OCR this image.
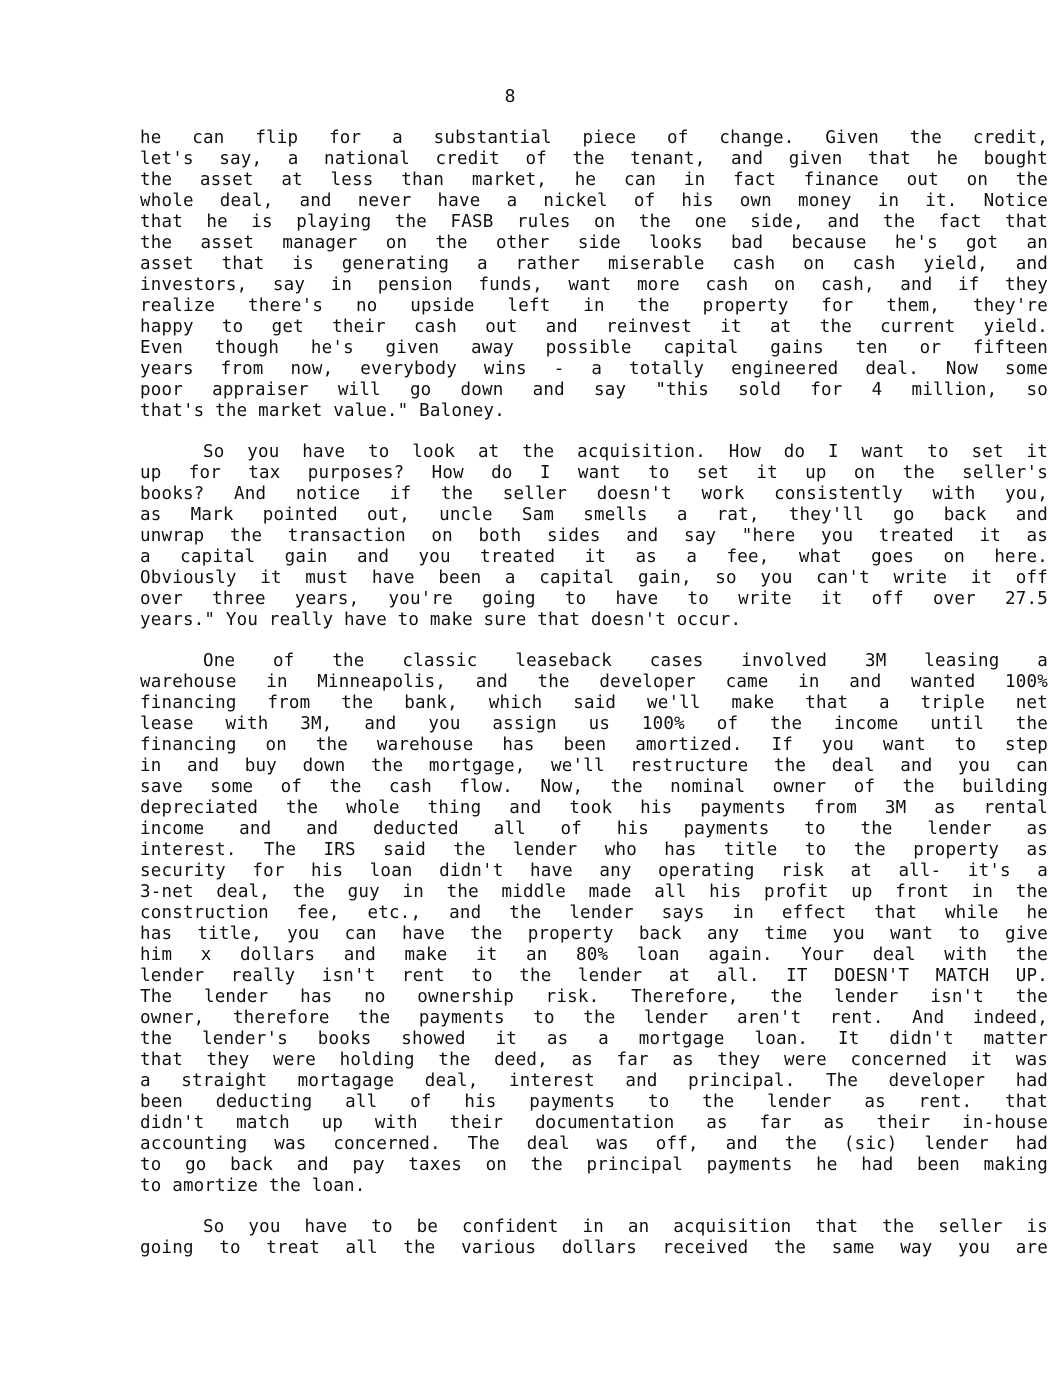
8
he can flip for a substantial piece of change. Given the credit,
let's say, a national credit of the tenant, and given that he bought
the asset at less than market, he can in fact finance out on the
whole deal, and never have a nickel of his own money in it. Notice
that he is playing the FASB rules on the one side, and the fact that
the asset manager on the other side looks bad because he's got an
asset that is generating a rather miserable cash on cash yield, and
investors, say in pension funds, want more cash on cash, and if they
realize there's no upside left in the property for them, they're
happy to get their cash out and reinvest it at the current yield.
Even though he's given away possible capital gains ten or fifteen
years from now, everybody wins - a totally engineered deal. Now some
poor appraiser will go down and say "this sold for 4 million, so
that's the market value." Baloney.
So you have to look at the acquisition. How do I want to set it
up for tax purposes? How do I want to set it up on the seller's
books? And notice if the seller doesn't work consistently with you,
as Mark pointed out, uncle Sam smells a rat, they'll go back and
unwrap the transaction on both sides and say "here you treated it as
a capital gain and you treated it as a fee, what goes on here.
Obviously it must have been a capital gain, so you can't write it off
over three years, you're going to have to write it off over 27.5
years." You really have to make sure that doesn't occur.
One of the classic leaseback cases involved 3M leasing a
warehouse in Minneapolis, and the developer came in and wanted 100%
financing from the bank, which said we'll make that a triple net
lease with 3M, and you assign us 100% of the income until the
financing on the warehouse has been amortized. If you want to step
in and buy down the mortgage, we'll restructure the deal and you can
save some of the cash flow. Now, the nominal owner of the building
depreciated the whole thing and took his payments from 3M as rental
income and and deducted all of his payments to the lender as
interest. The IRS said the lender who has title to the property as
security for his loan didn't have any operating risk at all- it's a
3-net deal, the guy in the middle made all his profit up front in the
construction fee, etc., and the lender says in effect that while he
has title, you can have the property back any time you want to give
him x dollars and make it an 80% loan again. Your deal with the
lender really isn't rent to the lender at all. IT DOESN'T MATCH UP.
The lender has no ownership risk. Therefore, the lender isn't the
owner, therefore the payments to the lender aren't rent. And indeed,
the lender's books showed it as a mortgage loan. It didn't matter
that they were holding the deed, as far as they were concerned it was
a straight mortagage deal, interest and principal. The developer had
been deducting all of his payments to the lender as rent. that
didn't match up with their documentation as far as their in-house
accounting was concerned. The deal was off, and the (sic) lender had
to go back and pay taxes on the principal payments he had been making
to amortize the loan.
So you have to be confident in an acquisition that the seller is
going to treat all the various dollars received the same way you are
